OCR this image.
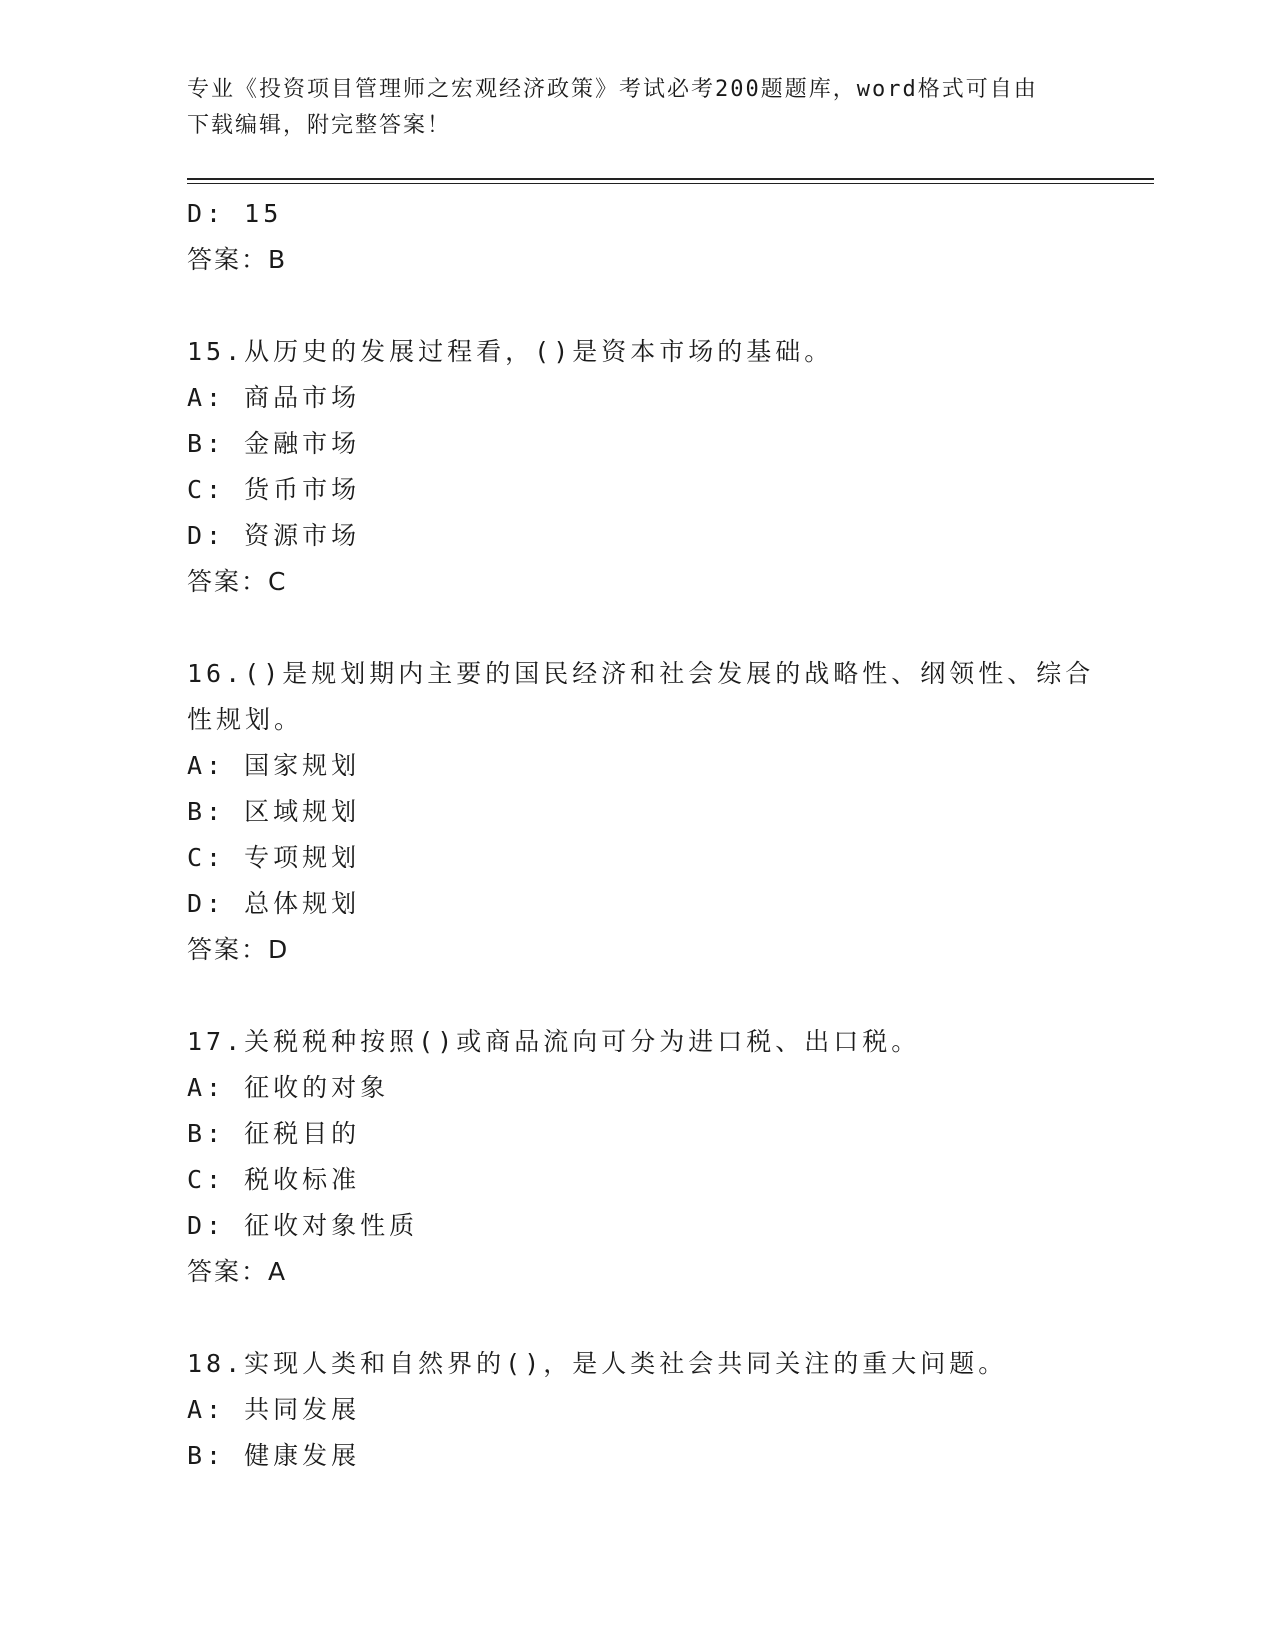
专业《投资项目管理师之宏观经济政策》考试必考200题题库，word格式可自由
下载编辑，附完整答案！
D: 15
答案：B
15.从历史的发展过程看，()是资本市场的基础。
A: 商品市场
B: 金融市场
C: 货币市场
D: 资源市场
答案：C
16.()是规划期内主要的国民经济和社会发展的战略性、纲领性、综合
性规划。
A: 国家规划
B: 区域规划
C: 专项规划
D: 总体规划
答案：D
17.关税税种按照()或商品流向可分为进口税、出口税。
A: 征收的对象
B: 征税目的
C: 税收标准
D: 征收对象性质
答案：A
18.实现人类和自然界的()，是人类社会共同关注的重大问题。
A: 共同发展
B: 健康发展
